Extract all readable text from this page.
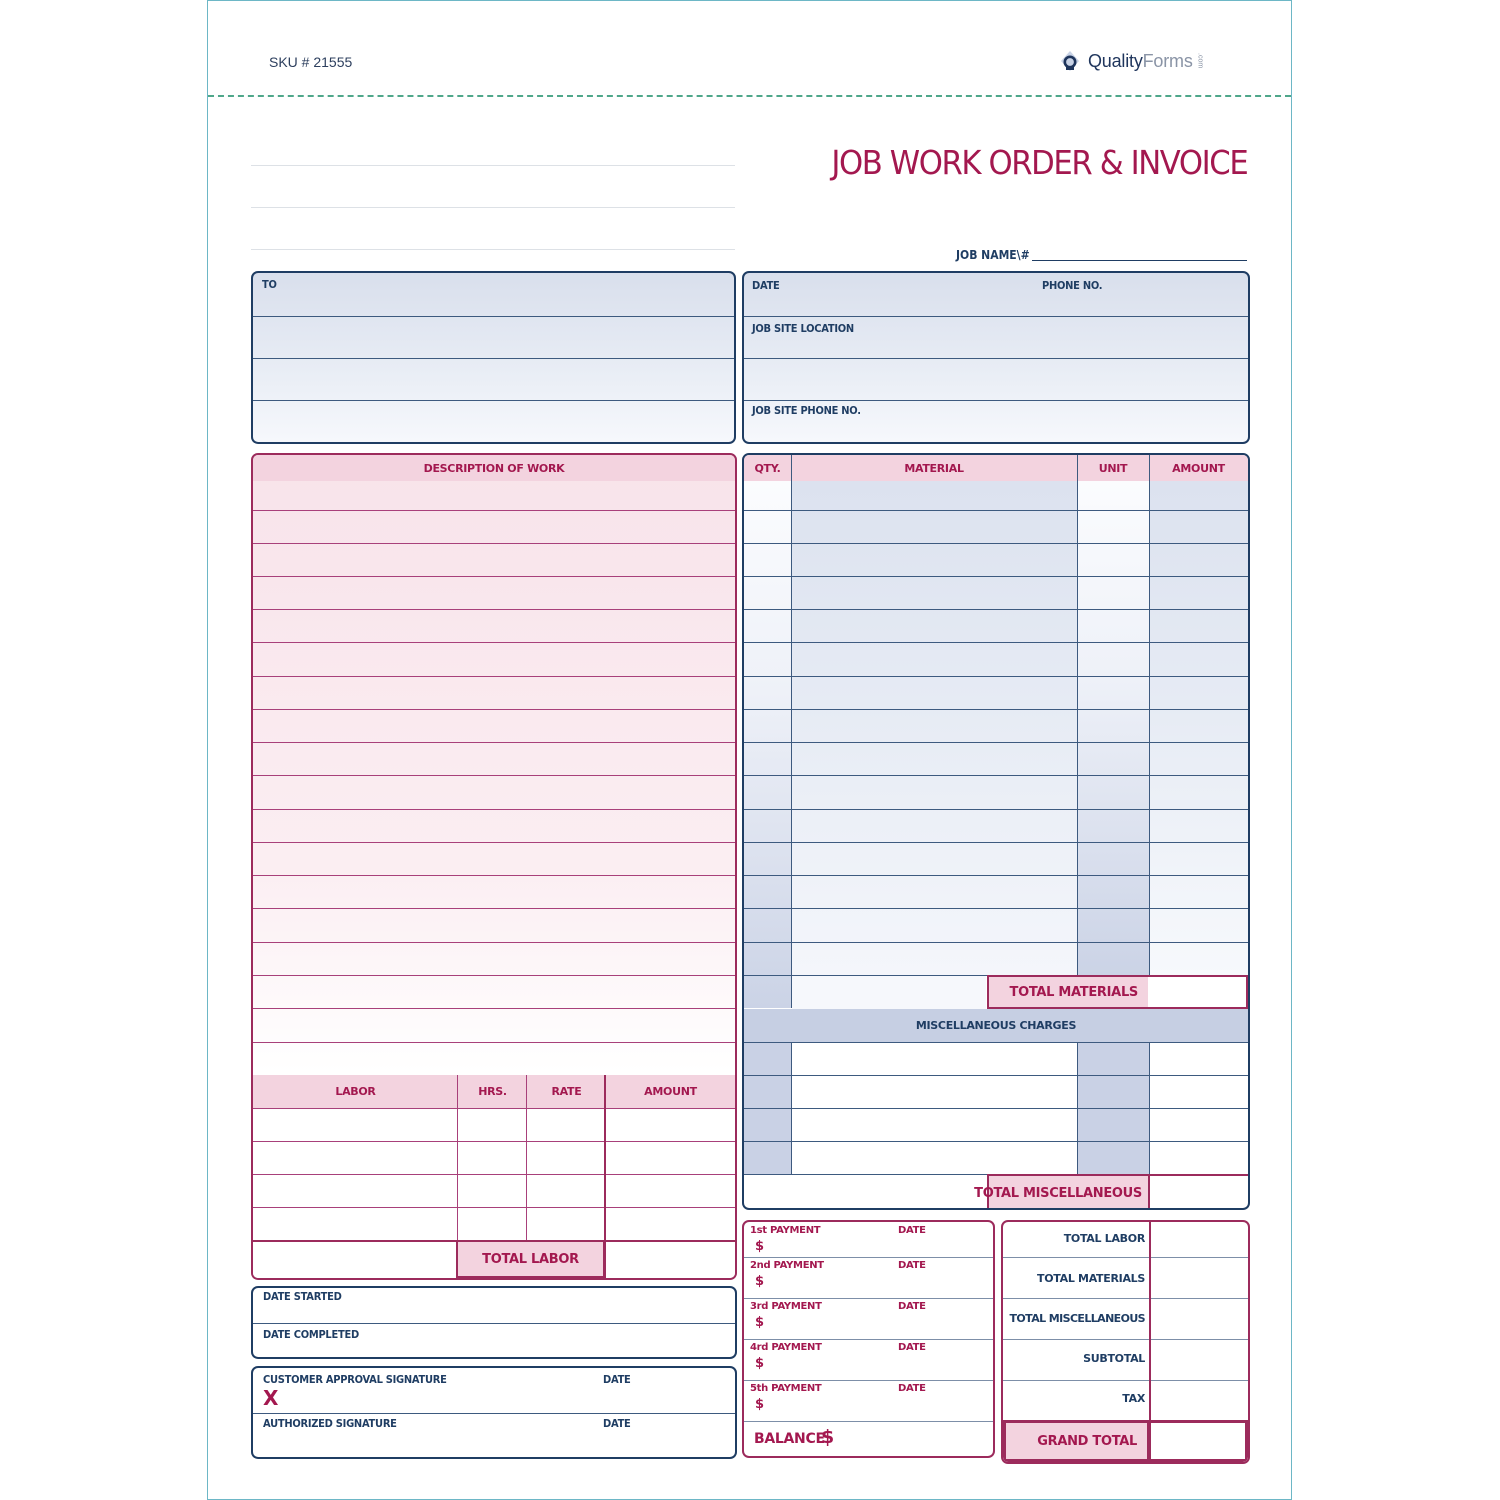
SKU # 21555	QualityForms .com
JOB WORK ORDER & INVOICE
JOB NAME\#
TO	DATE	PHONE NO.
JOB SITE LOCATION
JOB SITE PHONE NO.
DESCRIPTION OF WORK
LABOR	HRS.	RATE	AMOUNT
TOTAL LABOR
QTY.	MATERIAL	UNIT	AMOUNT
TOTAL MATERIALS
MISCELLANEOUS CHARGES
TOTAL MISCELLANEOUS
DATE STARTED
DATE COMPLETED
CUSTOMER APPROVAL SIGNATURE	DATE
X
AUTHORIZED SIGNATURE	DATE
1st PAYMENT	DATE
$
2nd PAYMENT	DATE
$
3rd PAYMENT	DATE
$
4rd PAYMENT	DATE
$
5th PAYMENT	DATE
$
BALANCE
$
TOTAL LABOR
TOTAL MATERIALS
TOTAL MISCELLANEOUS
SUBTOTAL
TAX
GRAND TOTAL
